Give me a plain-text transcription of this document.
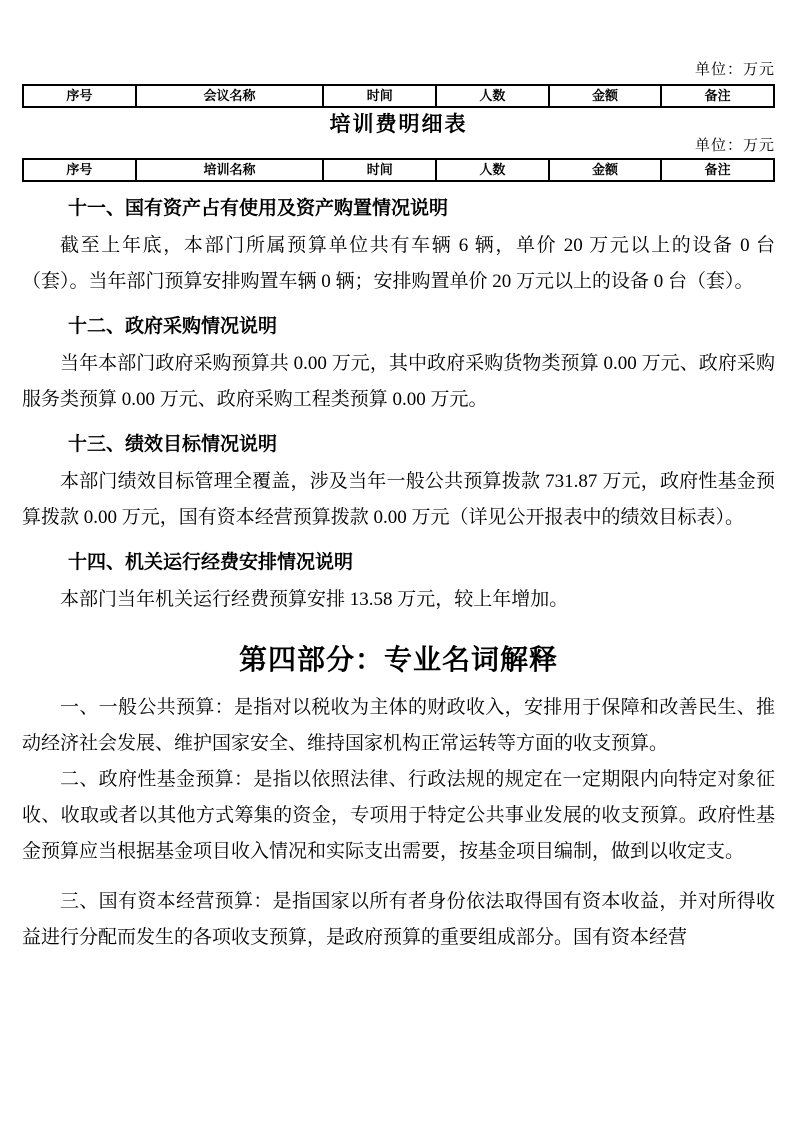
单位：万元
序号	会议名称	时间	人数	金额	备注
培训费明细表
单位：万元
序号	培训名称	时间	人数	金额	备注
十一、国有资产占有使用及资产购置情况说明

截至上年底，本部门所属预算单位共有车辆 6 辆，单价 20 万元以上的设备 0 台（套）。当年部门预算安排购置车辆 0 辆；安排购置单价 20 万元以上的设备 0 台（套）。

十二、政府采购情况说明

当年本部门政府采购预算共 0.00 万元，其中政府采购货物类预算 0.00 万元、政府采购服务类预算 0.00 万元、政府采购工程类预算 0.00 万元。

十三、绩效目标情况说明

本部门绩效目标管理全覆盖，涉及当年一般公共预算拨款 731.87 万元，政府性基金预算拨款 0.00 万元，国有资本经营预算拨款 0.00 万元（详见公开报表中的绩效目标表）。

十四、机关运行经费安排情况说明

本部门当年机关运行经费预算安排 13.58 万元，较上年增加。

第四部分：专业名词解释

一、一般公共预算：是指对以税收为主体的财政收入，安排用于保障和改善民生、推动经济社会发展、维护国家安全、维持国家机构正常运转等方面的收支预算。

二、政府性基金预算：是指以依照法律、行政法规的规定在一定期限内向特定对象征收、收取或者以其他方式筹集的资金，专项用于特定公共事业发展的收支预算。政府性基金预算应当根据基金项目收入情况和实际支出需要，按基金项目编制，做到以收定支。

三、国有资本经营预算：是指国家以所有者身份依法取得国有资本收益，并对所得收益进行分配而发生的各项收支预算，是政府预算的重要组成部分。国有资本经营
